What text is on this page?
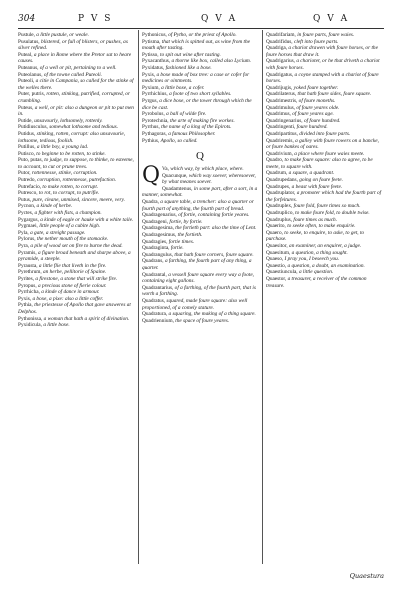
304	P V S	Q V A	Q V A

Pustule, a little pustule, or weale.

Pusulatus, blistered, or full of blisters, or pushes, as silver refined.

Puteal, a place in Rome where the Pretor sat to heare causes.

Puteanus, of a well or pit, pertaining to a well.

Puteolanus, of the towne called Puteoli.

Puteoli, a citie in Campania, so called for the stinke of the welles there.

Puter, putris, rotten, stinking, putrified, corrupted, or crumbling.

Puteus, a well, or pit: also a dungeon or pit to put men in.

Putide, unsavourly, lothsomely, rottenly.

Putidiusculus, somewhat lothsome and tedious.

Putidus, stinking, rotten, corrupt: also unsavourie, lothsome, tedious, foolish.

Putillus, a little boy, a young lad.

Putisco, to beginne to be rotten, to stinke.

Puto, putas, to judge, to suppose, to thinke, to esteeme, to account, to cut or prune trees.

Putor, rottennesse, stinke, corruption.

Putredo, corruption, rottennesse, putrefaction.

Putrefacio, to make rotten, to corrupt.

Putresco, to rot, to corrupt, to putrifie.

Putus, pure, cleane, unmixed, sincere, meere, very.

Pycnon, a kinde of herbe.

Pyctes, a fighter with fists, a champion.

Pygargus, a kinde of eagle or hauke with a white taile.

Pygmaei, little people of a cubite high.

Pyla, a gate, a streight passage.

Pylorus, the nether mouth of the stomacke.

Pyra, a pile of wood set on fire to burne the dead.

Pyramis, a figure broad beneath and sharpe above, a pyramide, a steeple.

Pyrausta, a little flie that liveth in the fire.

Pyrethrum, an herbe, pellitorie of Spaine.

Pyrites, a firestone, a stone that will strike fire.

Pyropus, a precious stone of fierie colour.

Pyrrhicha, a kinde of dance in armour.

Pyxis, a boxe, a pixe: also a little coffer.

Pythia, the priestesse of Apollo that gave answeres at Delphos.

Pythonissa, a woman that hath a spirit of divination.

Pyxidicula, a little boxe.

Pythonicus, of Pytho, or the priest of Apollo.

Pytisma, that which is spitted out, as wine from the mouth after tasting.

Pytisso, to spit out wine after tasting.

Pyxacanthus, a thorne like box, called also Lycium.

Pyxidatus, fashioned like a boxe.

Pyxis, a boxe made of box tree: a case or cofer for medicines or ointments.

Pyxium, a little boxe, a cofer.

Pyrrhichius, a foote of two short syllables.

Pyrgus, a dice boxe, or the tower through which the dice be cast.

Pyrobolus, a ball of wilde fire.

Pyrotechnia, the arte of making fire workes.

Pyrrhus, the name of a king of the Epirots.

Pythagoras, a famous Philosopher.

Pythius, Apollo, so called.

Q
Q Va, which way, by which place, where.

Quacunque, which way soever, wheresoever, by what meanes soever.

Quadamtenus, in some part, after a sort, in a manner, somewhat.

Quadra, a square table, a trencher: also a quarter or fourth part of anything, the fourth part of bread.

Quadragenarius, of fortie, containing fortie yeares.

Quadrageni, fortie, by fortie.

Quadragesima, the fortieth part: also the time of Lent.

Quadragesimus, the fortieth.

Quadragies, fortie times.

Quadraginta, fortie.

Quadrangulus, that hath foure corners, foure square.

Quadrans, a farthing, the fourth part of any thing, a quarter.

Quadrantal, a vessell foure square every way a foote, containing eight gallons.

Quadrantarius, of a farthing, of the fourth part, that is worth a farthing.

Quadratus, squared, made foure square: also well proportioned, of a comely stature.

Quadratura, a squaring, the making of a thing square.

Quadriennium, the space of foure yeares.

Quadrifariam, in foure parts, foure waies.

Quadrifidus, cleft into foure parts.

Quadriga, a chariot drawen with foure horses, or the foure horses that draw it.

Quadrigarius, a charioter, or he that driveth a chariot with foure horses.

Quadrigatus, a coyne stamped with a chariot of foure horses.

Quadrijugis, yoked foure together.

Quadrilaterus, that hath foure sides, foure square.

Quadrimestris, of foure moneths.

Quadrimulus, of foure yeares olde.

Quadrimus, of foure yeares age.

Quadringenarius, of foure hundred.

Quadringenti, foure hundred.

Quadripartitus, divided into foure parts.

Quadriremis, a galley with foure rowers on a bancke, or foure bankes of oares.

Quadrivium, a place where foure waies meete.

Quadro, to make foure square: also to agree, to be meete, to square with.

Quadrum, a square, a quadrant.

Quadrupedans, going on foure feete.

Quadrupes, a beast with foure feete.

Quadruplator, a promoter which had the fourth part of the forfeitures.

Quadruplex, foure fold, foure times so much.

Quadruplico, to make foure fold, to double twise.

Quadruplus, foure times as much.

Quaerito, to seeke often, to make enquirie.

Quaero, to seeke, to enquire, to aske, to get, to purchase.

Quaesitor, an examiner, an enquirer, a judge.

Quaesitum, a question, a thing sought.

Quaeso, I pray you, I beseech you.

Quaestio, a question, a doubt, an examination.

Quaestiuncula, a little question.

Quaestor, a treasurer, a receiver of the common treasure.

Quaestura
